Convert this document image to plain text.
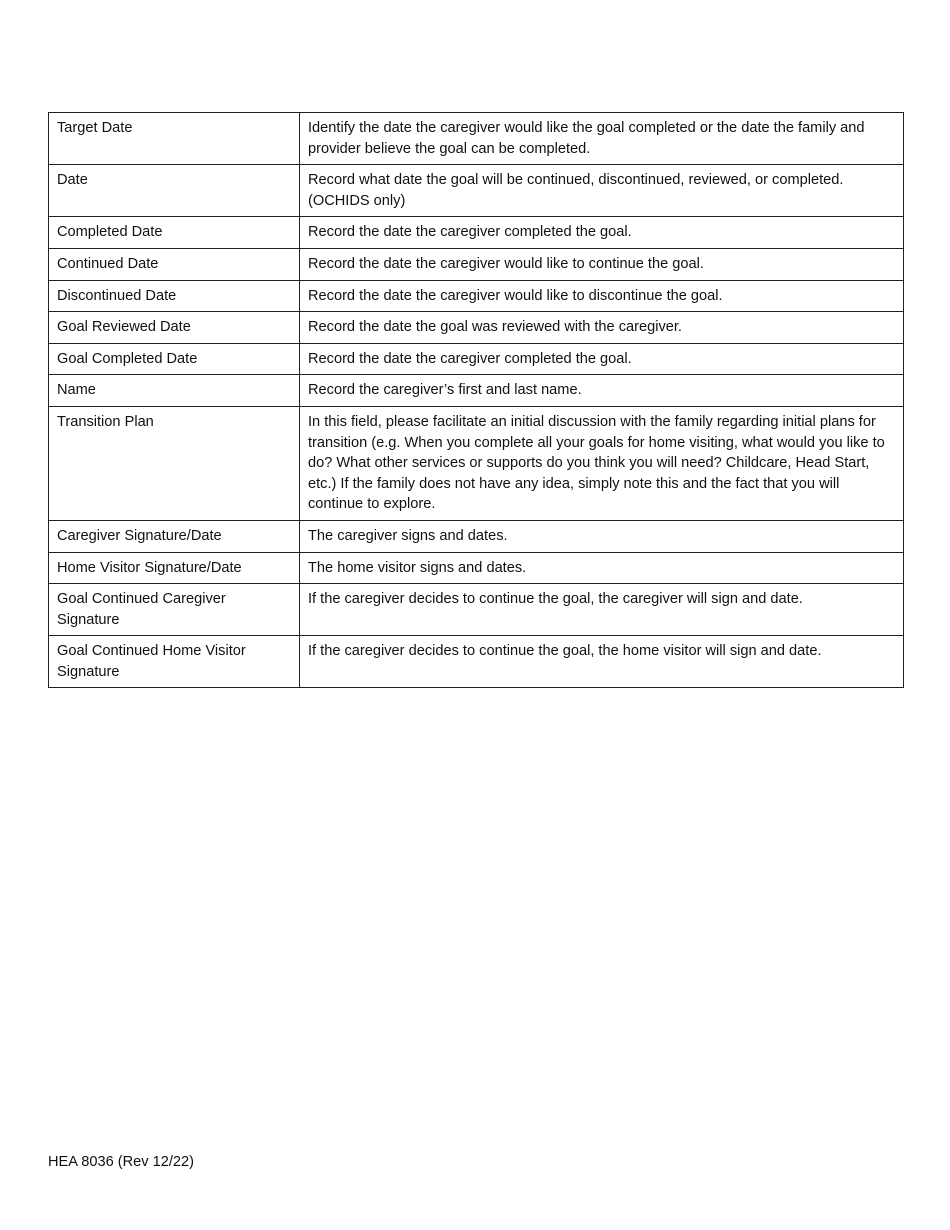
Target Date	Identify the date the caregiver would like the goal completed or the date the family and provider believe the goal can be completed.
Date	Record what date the goal will be continued, discontinued, reviewed, or completed. (OCHIDS only)
Completed Date	Record the date the caregiver completed the goal.
Continued Date	Record the date the caregiver would like to continue the goal.
Discontinued Date	Record the date the caregiver would like to discontinue the goal.
Goal Reviewed Date	Record the date the goal was reviewed with the caregiver.
Goal Completed Date	Record the date the caregiver completed the goal.
Name	Record the caregiver’s first and last name.
Transition Plan	In this field, please facilitate an initial discussion with the family regarding initial plans for transition (e.g. When you complete all your goals for home visiting, what would you like to do? What other services or supports do you think you will need? Childcare, Head Start, etc.) If the family does not have any idea, simply note this and the fact that you will continue to explore.
Caregiver Signature/Date	The caregiver signs and dates.
Home Visitor Signature/Date	The home visitor signs and dates.
Goal Continued Caregiver Signature	If the caregiver decides to continue the goal, the caregiver will sign and date.
Goal Continued Home Visitor Signature	If the caregiver decides to continue the goal, the home visitor will sign and date.
HEA 8036 (Rev 12/22)
